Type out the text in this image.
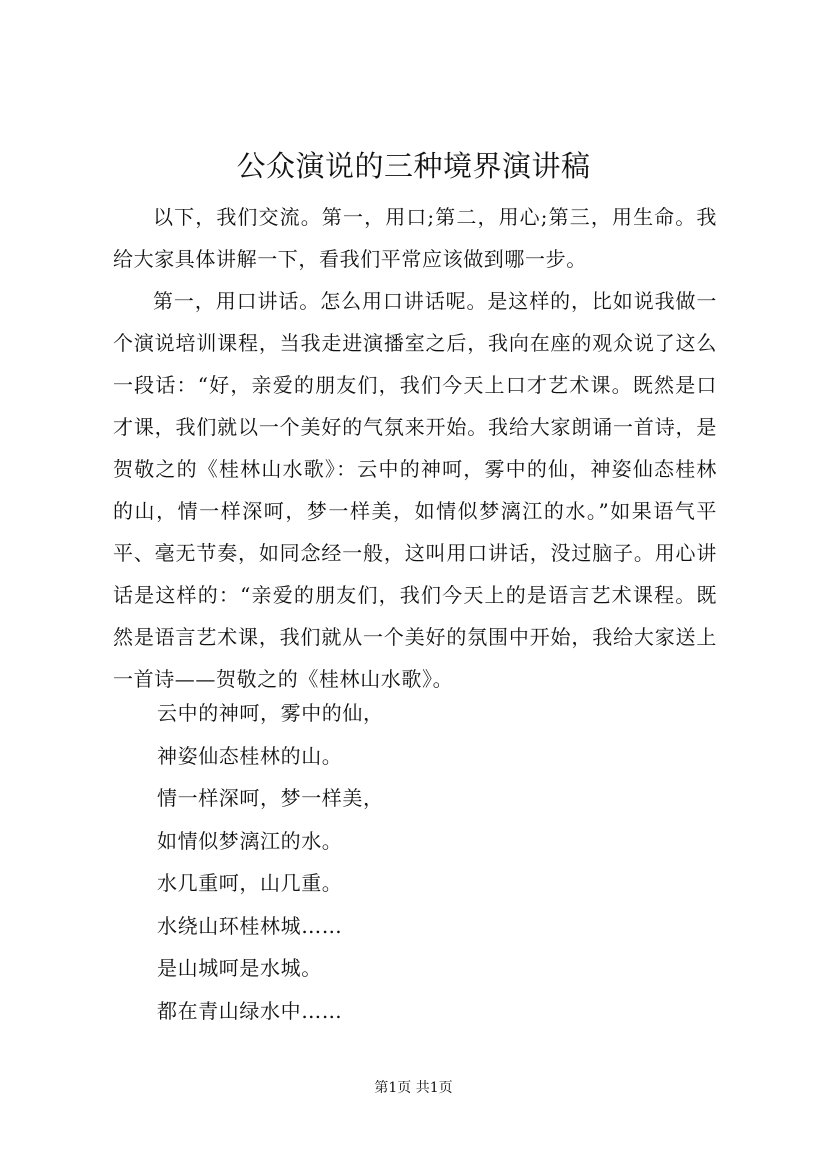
公众演说的三种境界演讲稿

以下，我们交流。第一，用口;第二，用心;第三，用生命。我给大家具体讲解一下，看我们平常应该做到哪一步。

第一，用口讲话。怎么用口讲话呢。是这样的，比如说我做一个演说培训课程，当我走进演播室之后，我向在座的观众说了这么一段话：“好，亲爱的朋友们，我们今天上口才艺术课。既然是口才课，我们就以一个美好的气氛来开始。我给大家朗诵一首诗，是贺敬之的《桂林山水歌》：云中的神呵，雾中的仙，神姿仙态桂林的山，情一样深呵，梦一样美，如情似梦漓江的水。”如果语气平平、毫无节奏，如同念经一般，这叫用口讲话，没过脑子。用心讲话是这样的：“亲爱的朋友们，我们今天上的是语言艺术课程。既然是语言艺术课，我们就从一个美好的氛围中开始，我给大家送上一首诗——贺敬之的《桂林山水歌》。

云中的神呵，雾中的仙，
神姿仙态桂林的山。
情一样深呵，梦一样美，
如情似梦漓江的水。
水几重呵，山几重。
水绕山环桂林城……
是山城呵是水城。
都在青山绿水中……
第1页 共1页
